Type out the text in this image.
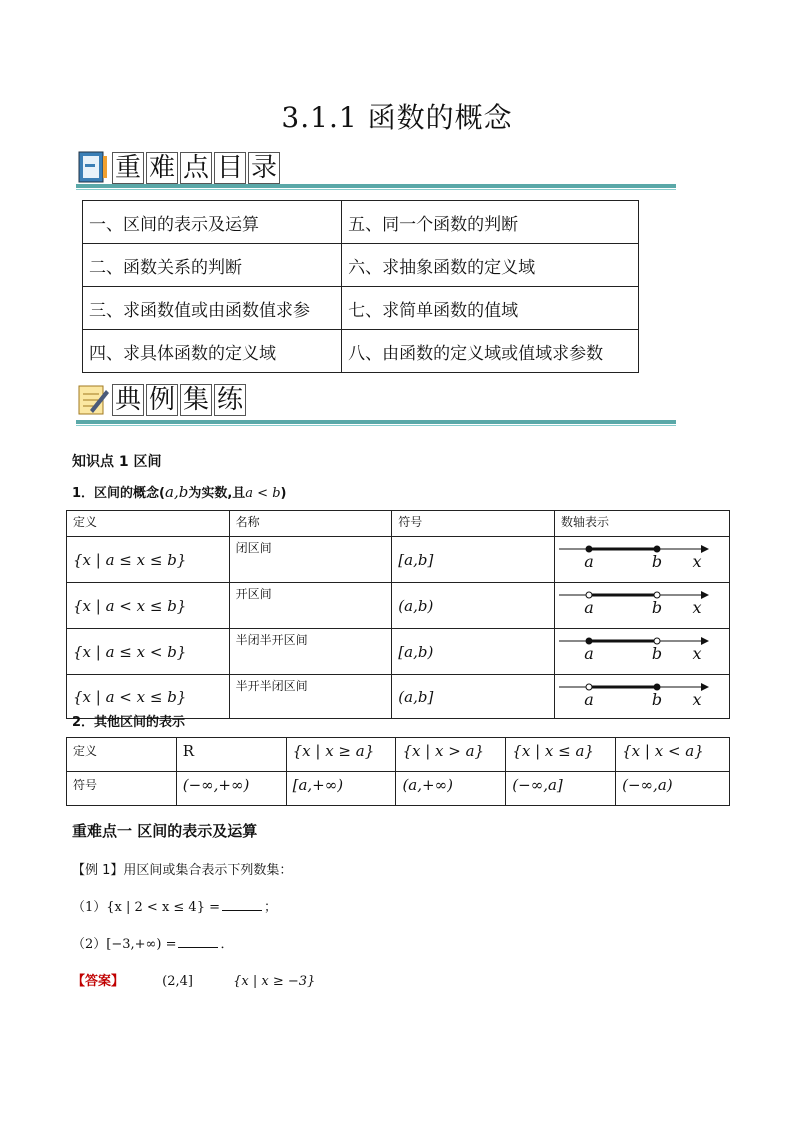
3.1.1 函数的概念
重 难 点 目 录
一、区间的表示及运算	五、同一个函数的判断
二、函数关系的判断	六、求抽象函数的定义域
三、求函数值或由函数值求参	七、求简单函数的值域
四、求具体函数的定义域	八、由函数的定义域或值域求参数
典 例 集 练
知识点 1 区间
1．区间的概念(a,b为实数,且a < b)
定义	名称	符号	数轴表示
{x | a ≤ x ≤ b}	闭区间	[a,b]	a b x

{x | a < x ≤ b}	开区间	(a,b)	a b x

{x | a ≤ x < b}	半闭半开区间	[a,b)	a b x

{x | a < x ≤ b}	半开半闭区间	(a,b]	a b x
2．其他区间的表示
定义	R	{x | x ≥ a}	{x | x > a}	{x | x ≤ a}	{x | x < a}
符号	(−∞,+∞)	[a,+∞)	(a,+∞)	(−∞,a]	(−∞,a)
重难点一 区间的表示及运算
【例 1】用区间或集合表示下列数集：
（1）{x | 2 < x ≤ 4} =	；
（2）[−3,+∞) =	．
【答案】	(2,4]	{x | x ≥ −3}
